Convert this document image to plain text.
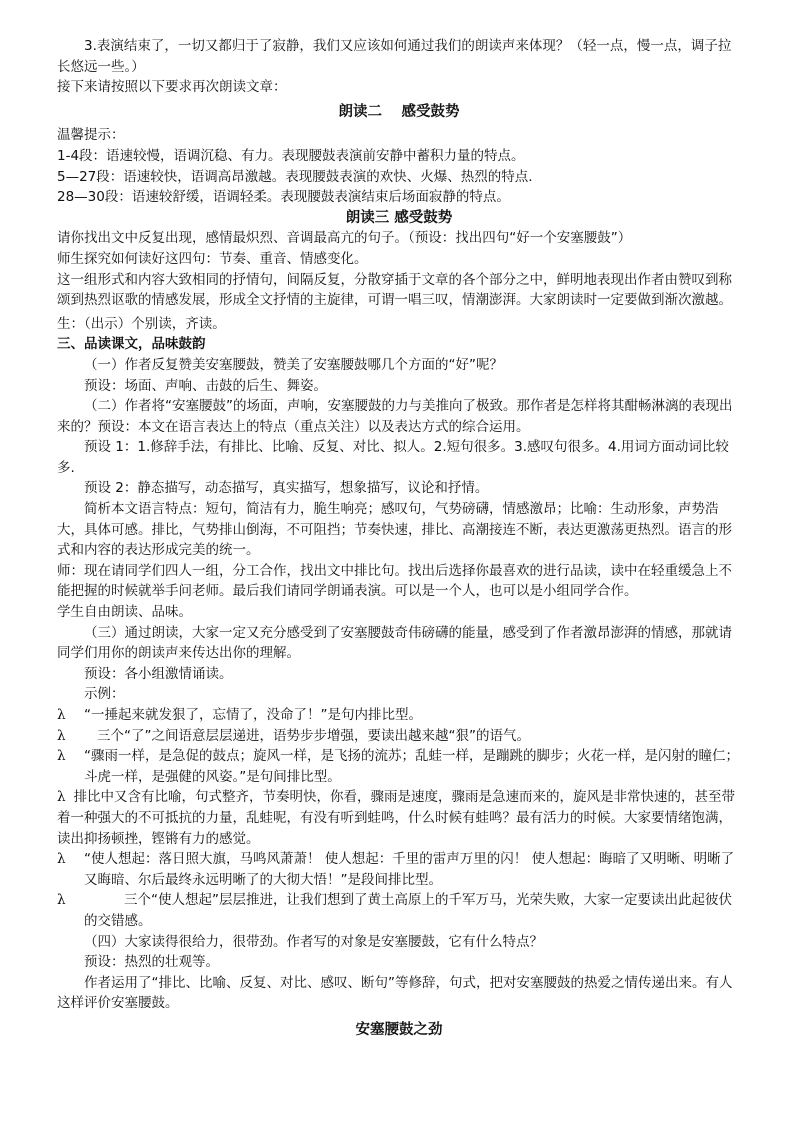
3.表演结束了，一切又都归于了寂静，我们又应该如何通过我们的朗读声来体现？（轻一点，慢一点，调子拉长悠远一些。）

接下来请按照以下要求再次朗读文章：

朗读二　 感受鼓势

温馨提示：

1-4段：语速较慢，语调沉稳、有力。表现腰鼓表演前安静中蓄积力量的特点。

5—27段：语速较快，语调高昂激越。表现腰鼓表演的欢快、火爆、热烈的特点.

28—30段：语速较舒缓，语调轻柔。表现腰鼓表演结束后场面寂静的特点。

朗读三 感受鼓势

请你找出文中反复出现，感情最炽烈、音调最高亢的句子。（预设：找出四句“好一个安塞腰鼓”）

师生探究如何读好这四句：节奏、重音、情感变化。

这一组形式和内容大致相同的抒情句，间隔反复，分散穿插于文章的各个部分之中，鲜明地表现出作者由赞叹到称颂到热烈讴歌的情感发展，形成全文抒情的主旋律，可谓一唱三叹，情潮澎湃。大家朗读时一定要做到渐次激越。

生：（出示）个别读，齐读。

三、品读课文，品味鼓韵

（一）作者反复赞美安塞腰鼓，赞美了安塞腰鼓哪几个方面的“好”呢？

预设：场面、声响、击鼓的后生、舞姿。

（二）作者将“安塞腰鼓”的场面，声响，安塞腰鼓的力与美推向了极致。那作者是怎样将其酣畅淋漓的表现出来的？预设：本文在语言表达上的特点（重点关注）以及表达方式的综合运用。

预设 1：1.修辞手法，有排比、比喻、反复、对比、拟人。2.短句很多。3.感叹句很多。4.用词方面动词比较多.

预设 2：静态描写，动态描写，真实描写，想象描写，议论和抒情。

简析本文语言特点：短句，简洁有力，脆生响亮；感叹句，气势磅礴，情感激昂；比喻：生动形象，声势浩大，具体可感。排比，气势排山倒海，不可阻挡；节奏快速，排比、高潮接连不断，表达更激荡更热烈。语言的形式和内容的表达形成完美的统一。

师：现在请同学们四人一组，分工合作，找出文中排比句。找出后选择你最喜欢的进行品读，读中在轻重缓急上不能把握的时候就举手问老师。最后我们请同学朗诵表演。可以是一个人，也可以是小组同学合作。

学生自由朗读、品味。

（三）通过朗读，大家一定又充分感受到了安塞腰鼓奇伟磅礴的能量，感受到了作者激昂澎湃的情感，那就请同学们用你的朗读声来传达出你的理解。

预设：各小组激情诵读。

示例：

λ “一捶起来就发狠了，忘情了，没命了！”是句内排比型。
λ 三个“了”之间语意层层递进，语势步步增强，要读出越来越“狠”的语气。
λ “骤雨一样，是急促的鼓点；旋风一样，是飞扬的流苏；乱蛙一样，是蹦跳的脚步；火花一样，是闪射的瞳仁；斗虎一样，是强健的风姿。”是句间排比型。
λ 排比中又含有比喻，句式整齐，节奏明快，你看，骤雨是速度，骤雨是急速而来的，旋风是非常快速的，甚至带着一种强大的不可抵抗的力量，乱蛙呢，有没有听到蛙鸣，什么时候有蛙鸣？最有活力的时候。大家要情绪饱满，读出抑扬顿挫，铿锵有力的感觉。
λ “使人想起：落日照大旗，马鸣风萧萧！ 使人想起：千里的雷声万里的闪！ 使人想起：晦暗了又明晰、明晰了又晦暗、尔后最终永远明晰了的大彻大悟！”是段间排比型。
λ	三个“使人想起”层层推进，让我们想到了黄土高原上的千军万马，光荣失败，大家一定要读出此起彼伏的交错感。

（四）大家读得很给力，很带劲。作者写的对象是安塞腰鼓，它有什么特点？

预设：热烈的壮观等。

作者运用了“排比、比喻、反复、对比、感叹、断句”等修辞，句式，把对安塞腰鼓的热爱之情传递出来。有人这样评价安塞腰鼓。

安塞腰鼓之劲
